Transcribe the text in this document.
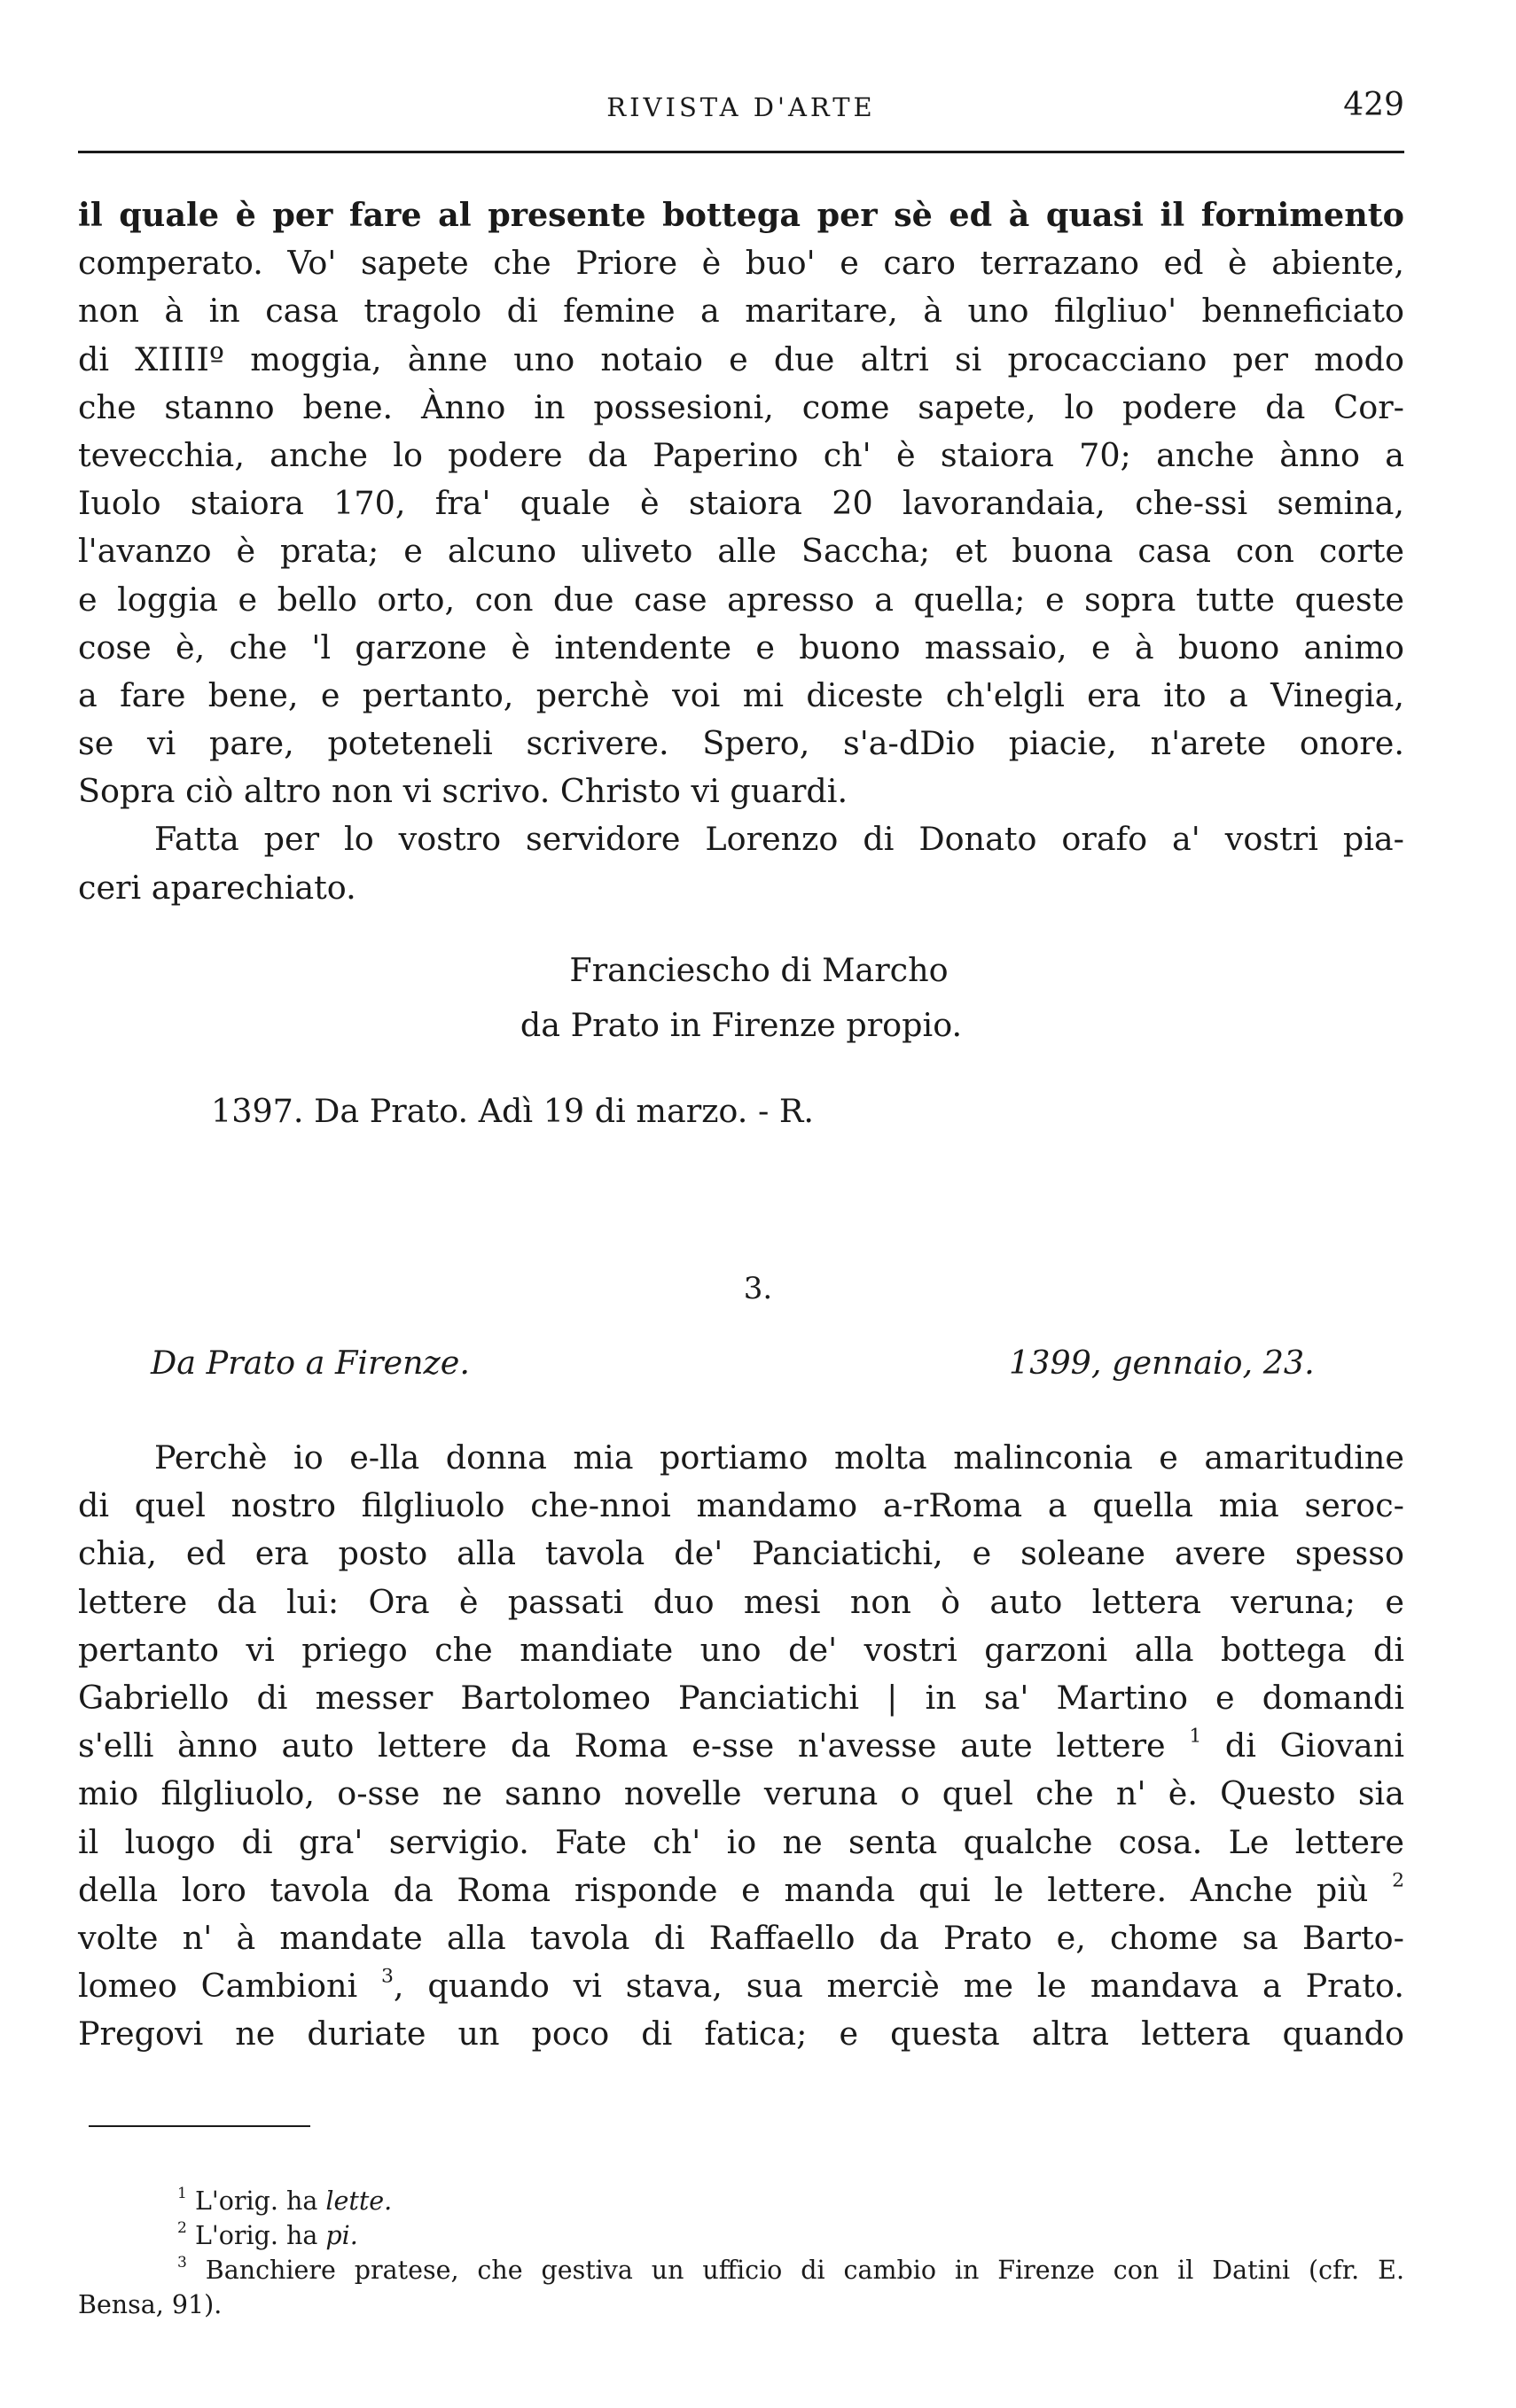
RIVISTA D'ARTE	429
il quale è per fare al presente bottega per sè ed à quasi il fornimento
comperato. Vo' sapete che Priore è buo' e caro terrazano ed è abiente,
non à in casa tragolo di femine a maritare, à uno filgliuo' benneficiato
di XIIIIº moggia, ànne uno notaio e due altri si procacciano per modo
che stanno bene. Ànno in possesioni, come sapete, lo podere da Cor-
tevecchia, anche lo podere da Paperino ch' è staiora 70; anche ànno a
Iuolo staiora 170, fra' quale è staiora 20 lavorandaia, che-ssi semina,
l'avanzo è prata; e alcuno uliveto alle Saccha; et buona casa con corte
e loggia e bello orto, con due case apresso a quella; e sopra tutte queste
cose è, che 'l garzone è intendente e buono massaio, e à buono animo
a fare bene, e pertanto, perchè voi mi diceste ch'elgli era ito a Vinegia,
se vi pare, poteteneli scrivere. Spero, s'a-dDio piacie, n'arete onore.
Sopra ciò altro non vi scrivo. Christo vi guardi.
Fatta per lo vostro servidore Lorenzo di Donato orafo a' vostri pia-
ceri aparechiato.
Franciescho di Marcho
da Prato in Firenze propio.
1397. Da Prato. Adì 19 di marzo. - R.
3.
Da Prato a Firenze.	1399, gennaio, 23.
Perchè io e-lla donna mia portiamo molta malinconia e amaritudine
di quel nostro filgliuolo che-nnoi mandamo a-rRoma a quella mia seroc-
chia, ed era posto alla tavola de' Panciatichi, e soleane avere spesso
lettere da lui: Ora è passati duo mesi non ò auto lettera veruna; e
pertanto vi priego che mandiate uno de' vostri garzoni alla bottega di
Gabriello di messer Bartolomeo Panciatichi | in sa' Martino e domandi
s'elli ànno auto lettere da Roma e-sse n'avesse aute lettere $^1$ di Giovani
mio filgliuolo, o-sse ne sanno novelle veruna o quel che n' è. Questo sia
il luogo di gra' servigio. Fate ch' io ne senta qualche cosa. Le lettere
della loro tavola da Roma risponde e manda qui le lettere. Anche più $^2$
volte n' à mandate alla tavola di Raffaello da Prato e, chome sa Barto-
lomeo Cambioni $^3$, quando vi stava, sua merciè me le mandava a Prato.
Pregovi ne duriate un poco di fatica; e questa altra lettera quando
$^1$ L'orig. ha lette.
$^2$ L'orig. ha pi.
$^3$ Banchiere pratese, che gestiva un ufficio di cambio in Firenze con il Datini (cfr. E.
Bensa, 91).
